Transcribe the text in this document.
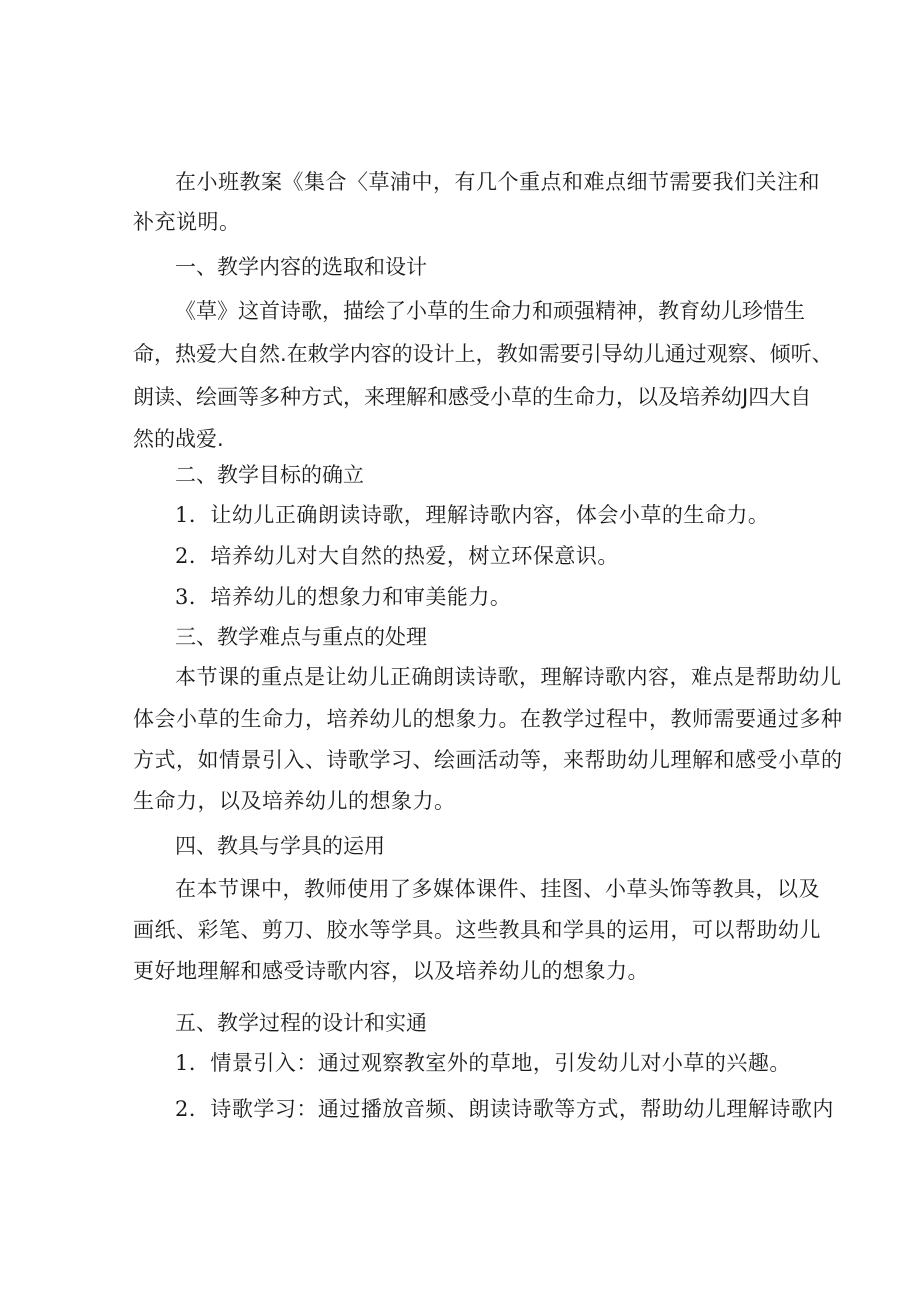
在小班教案《集合〈草浦中，有几个重点和难点细节需要我们关注和

补充说明。

一、教学内容的选取和设计

《草》这首诗歌，描绘了小草的生命力和顽强精神，教育幼儿珍惜生

命，热爱大自然.在敕学内容的设计上，教如需要引导幼儿通过观察、倾听、

朗读、绘画等多种方式，来理解和感受小草的生命力，以及培养幼J四大自

然的战爱.

二、教学目标的确立

1．让幼儿正确朗读诗歌，理解诗歌内容，体会小草的生命力。

2．培养幼儿对大自然的热爱，树立环保意识。

3．培养幼儿的想象力和审美能力。

三、教学难点与重点的处理

本节课的重点是让幼儿正确朗读诗歌，理解诗歌内容，难点是帮助幼儿

体会小草的生命力，培养幼儿的想象力。在教学过程中，教师需要通过多种

方式，如情景引入、诗歌学习、绘画活动等，来帮助幼儿理解和感受小草的

生命力，以及培养幼儿的想象力。

四、教具与学具的运用

在本节课中，教师使用了多媒体课件、挂图、小草头饰等教具，以及

画纸、彩笔、剪刀、胶水等学具。这些教具和学具的运用，可以帮助幼儿

更好地理解和感受诗歌内容，以及培养幼儿的想象力。

五、教学过程的设计和实通

1．情景引入：通过观察教室外的草地，引发幼儿对小草的兴趣。

2．诗歌学习：通过播放音频、朗读诗歌等方式，帮助幼儿理解诗歌内
